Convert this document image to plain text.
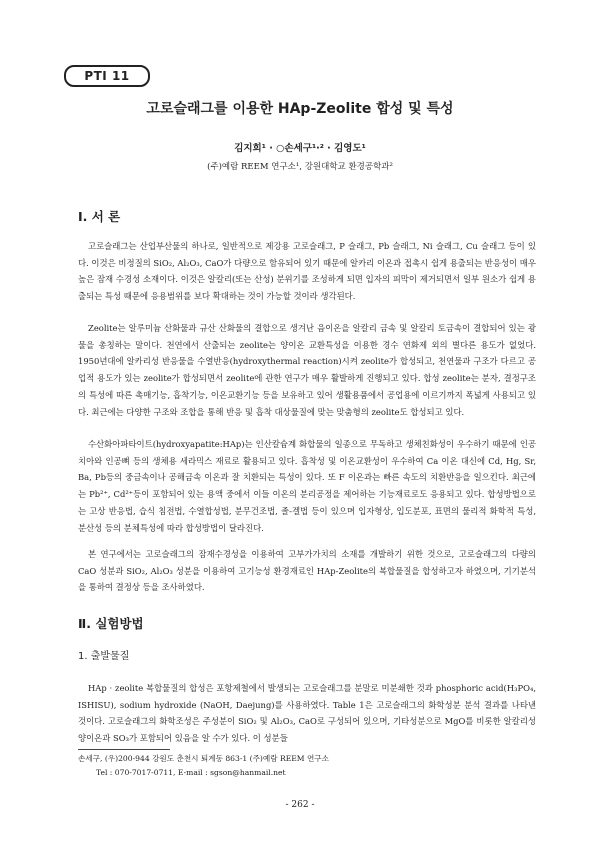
PTI 11
고로슬래그를 이용한 HAp-Zeolite 합성 및 특성
김지희¹ · ○손세구¹·² · 김영도¹
(주)예람 REEM 연구소¹, 강원대학교 환경공학과²
Ⅰ. 서 론

고로슬래그는 산업부산물의 하나로, 일반적으로 제강용 고로슬래그, P 슬래그, Pb 슬래그, Ni 슬래그, Cu 슬래그 등이 있다. 이것은 비정질의 SiO₂, Al₂O₃, CaO가 다량으로 함유되어 있기 때문에 알카리 이온과 접촉시 쉽게 용출되는 반응성이 매우 높은 잠재 수경성 소재이다. 이것은 알칼리(또는 산성) 분위기를 조성하게 되면 입자의 피막이 제거되면서 일부 원소가 쉽게 용출되는 특성 때문에 응용범위를 보다 확대하는 것이 가능할 것이라 생각된다.

Zeolite는 알루미늄 산화물과 규산 산화물의 결합으로 생겨난 음이온을 알칼리 금속 및 알칼리 토금속이 결합되어 있는 광물을 총칭하는 말이다. 천연에서 산출되는 zeolite는 양이온 교환특성을 이용한 경수 연화제 외의 별다른 용도가 없었다. 1950년대에 알카리성 반응물을 수열반응(hydroxythermal reaction)시켜 zeolite가 합성되고, 천연물과 구조가 다르고 공업적 용도가 있는 zeolite가 합성되면서 zeolite에 관한 연구가 매우 활발하게 진행되고 있다. 합성 zeolite는 분자, 결정구조의 특성에 따른 촉매기능, 흡착기능, 이온교환기능 등을 보유하고 있어 생활용품에서 공업용에 이르기까지 폭넓게 사용되고 있다. 최근에는 다양한 구조와 조합을 통해 반응 및 흡착 대상물질에 맞는 맞춤형의 zeolite도 합성되고 있다.

수산화아파타이트(hydroxyapatite:HAp)는 인산칼슘계 화합물의 일종으로 무독하고 생체친화성이 우수하기 때문에 인공치아와 인공뼈 등의 생체용 세라믹스 재료로 활용되고 있다. 흡착성 및 이온교환성이 우수하여 Ca 이온 대신에 Cd, Hg, Sr, Ba, Pb등의 중금속이나 공해금속 이온과 잘 치환되는 특성이 있다. 또 F 이온과는 빠른 속도의 치환반응을 일으킨다. 최근에는 Pb²⁺, Cd²⁺등이 포함되어 있는 용액 중에서 이들 이온의 분리공정을 제어하는 기능재료로도 응용되고 있다. 합성방법으로는 고상 반응법, 습식 침전법, 수열합성법, 분무건조법, 졸-겔법 등이 있으며 입자형상, 입도분포, 표면의 물리적 화학적 특성, 분산성 등의 분체특성에 따라 합성방법이 달라진다.

본 연구에서는 고로슬래그의 잠재수경성을 이용하여 고부가가치의 소재를 개발하기 위한 것으로, 고로슬래그의 다량의 CaO 성분과 SiO₂, Al₂O₃ 성분을 이용하여 고기능성 환경재료인 HAp-Zeolite의 복합물질을 합성하고자 하였으며, 기기분석을 통하여 결정상 등을 조사하였다.

Ⅱ. 실험방법
1. 출발물질

HAp · zeolite 복합물질의 합성은 포항제철에서 발생되는 고로슬래그를 분말로 미분쇄한 것과 phosphoric acid(H₃PO₄, ISHISU), sodium hydroxide (NaOH, Daejung)를 사용하였다. Table 1은 고로슬래그의 화학성분 분석 결과를 나타낸 것이다. 고로슬래그의 화학조성은 주성분이 SiO₂ 및 Al₂O₃, CaO로 구성되어 있으며, 기타성분으로 MgO를 비롯한 알칼리성 양이온과 SO₃가 포함되어 있음을 알 수가 있다. 이 성분들

손세구, (우)200-944 강원도 춘천시 퇴계동 863-1 (주)예람 REEM 연구소
Tel : 070-7017-0711, E-mail : sgson@hanmail.net
- 262 -
